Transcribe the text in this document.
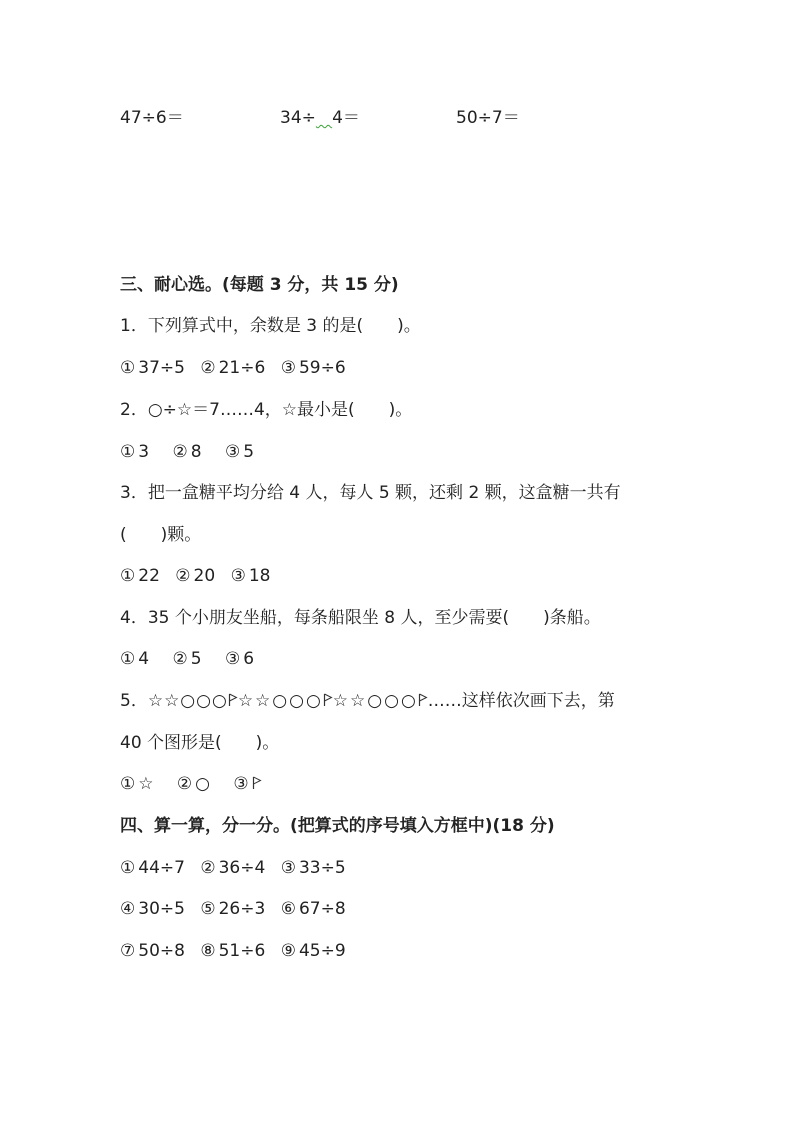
47÷6＝	34÷ 4＝	50÷7＝
三、耐心选。(每题 3 分，共 15 分)
1．下列算式中，余数是 3 的是(　　)。
① 37÷5 ② 21÷6 ③ 59÷6
2．○÷☆＝7……4，☆最小是(　　)。
① 3 ② 8 ③ 5
3．把一盒糖平均分给 4 人，每人 5 颗，还剩 2 颗，这盒糖一共有
(　　)颗。
① 22 ② 20 ③ 18
4．35 个小朋友坐船，每条船限坐 8 人，至少需要(　　)条船。
① 4 ② 5 ③ 6
5．☆☆○○○ ☆☆○○○ ☆☆○○○ ……这样依次画下去，第
40 个图形是(　　)。
① ☆ ② ○ ③
四、算一算，分一分。(把算式的序号填入方框中)(18 分)
① 44÷7 ② 36÷4 ③ 33÷5
④ 30÷5 ⑤ 26÷3 ⑥ 67÷8
⑦ 50÷8 ⑧ 51÷6 ⑨ 45÷9
